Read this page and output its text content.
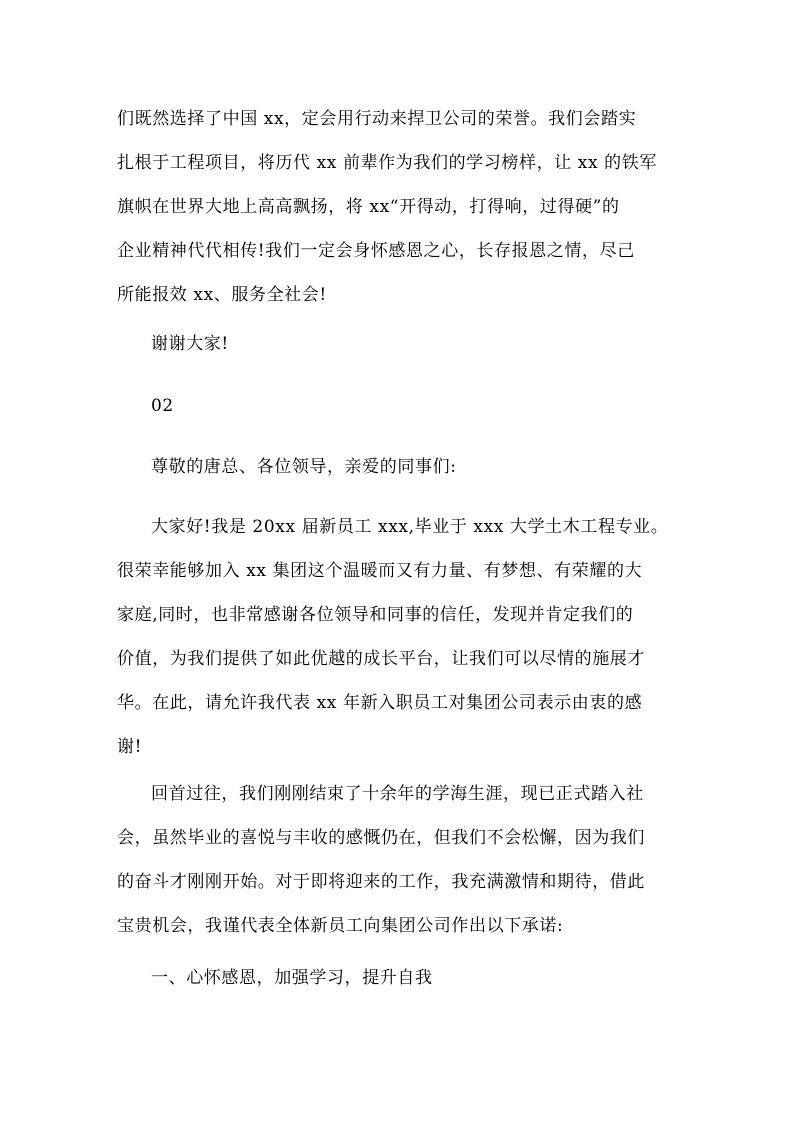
们既然选择了中国 xx，定会用行动来捍卫公司的荣誉。我们会踏实
扎根于工程项目，将历代 xx 前辈作为我们的学习榜样，让 xx 的铁军
旗帜在世界大地上高高飘扬，将 xx“开得动，打得响，过得硬”的
企业精神代代相传!我们一定会身怀感恩之心，长存报恩之情，尽己
所能报效 xx、服务全社会!
谢谢大家!
02
尊敬的唐总、各位领导，亲爱的同事们:
大家好!我是 20xx 届新员工 xxx,毕业于 xxx 大学土木工程专业。
很荣幸能够加入 xx 集团这个温暖而又有力量、有梦想、有荣耀的大
家庭,同时，也非常感谢各位领导和同事的信任，发现并肯定我们的
价值，为我们提供了如此优越的成长平台，让我们可以尽情的施展才
华。在此，请允许我代表 xx 年新入职员工对集团公司表示由衷的感
谢!
回首过往，我们刚刚结束了十余年的学海生涯，现已正式踏入社
会，虽然毕业的喜悦与丰收的感慨仍在，但我们不会松懈，因为我们
的奋斗才刚刚开始。对于即将迎来的工作，我充满激情和期待，借此
宝贵机会，我谨代表全体新员工向集团公司作出以下承诺:
一、心怀感恩，加强学习，提升自我
